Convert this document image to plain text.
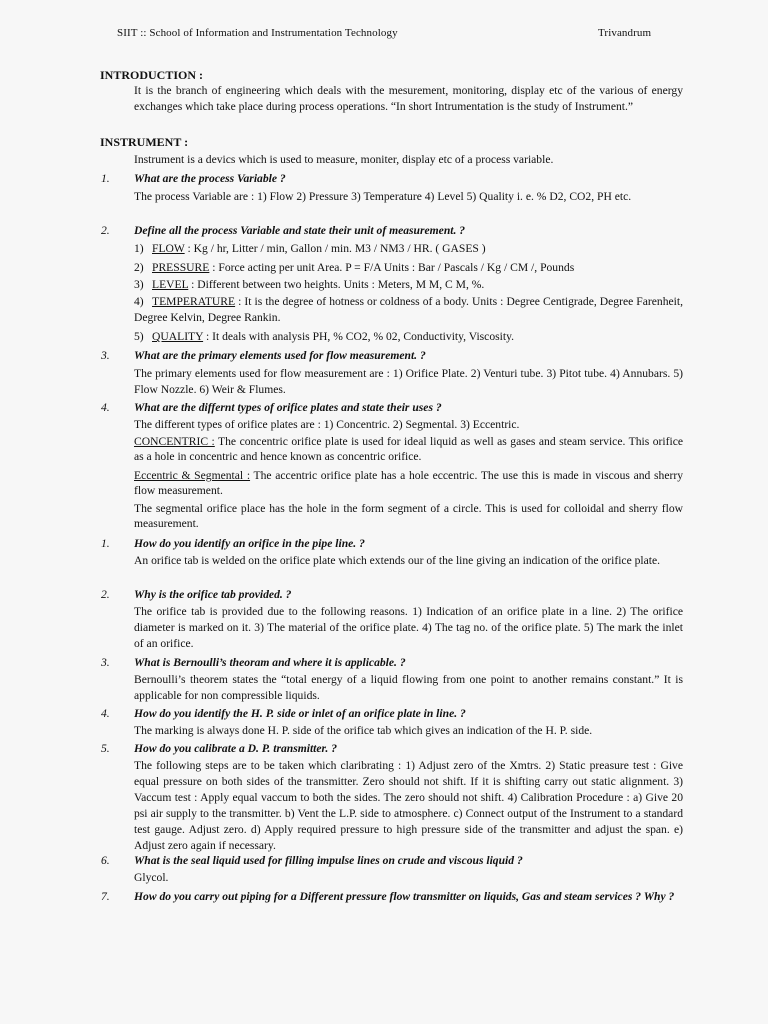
SIIT :: School of Information and Instrumentation Technology	Trivandrum
INTRODUCTION :

It is the branch of engineering which deals with the mesurement, monitoring, display etc of the various of energy exchanges which take place during process operations. “In short Intrumentation is the study of Instrument.”

INSTRUMENT :

Instrument is a devics which is used to measure, moniter, display etc of a process variable.

1. What are the process Variable ?

The process Variable are : 1) Flow 2) Pressure 3) Temperature 4) Level 5) Quality i. e. % D2, CO2, PH etc.

2. Define all the process Variable and state their unit of measurement. ?
1) FLOW : Kg / hr, Litter / min, Gallon / min. M3 / NM3 / HR. ( GASES )
2) PRESSURE : Force acting per unit Area. P = F/A Units : Bar / Pascals / Kg / CM /, Pounds
3) LEVEL : Different between two heights. Units : Meters, M M, C M, %.
4) TEMPERATURE : It is the degree of hotness or coldness of a body. Units : Degree Centigrade, Degree Farenheit, Degree Kelvin, Degree Rankin.
5) QUALITY : It deals with analysis PH, % CO2, % 02, Conductivity, Viscosity.
3. What are the primary elements used for flow measurement. ?

The primary elements used for flow measurement are : 1) Orifice Plate. 2) Venturi tube. 3) Pitot tube. 4) Annubars. 5) Flow Nozzle. 6) Weir & Flumes.

4. What are the differnt types of orifice plates and state their uses ?

The different types of orifice plates are : 1) Concentric. 2) Segmental. 3) Eccentric.

CONCENTRIC : The concentric orifice plate is used for ideal liquid as well as gases and steam service. This orifice as a hole in concentric and hence known as concentric orifice.

Eccentric & Segmental : The accentric orifice plate has a hole eccentric. The use this is made in viscous and sherry flow measurement.

The segmental orifice place has the hole in the form segment of a circle. This is used for colloidal and sherry flow measurement.

1. How do you identify an orifice in the pipe line. ?

An orifice tab is welded on the orifice plate which extends our of the line giving an indication of the orifice plate.

2. Why is the orifice tab provided. ?

The orifice tab is provided due to the following reasons. 1) Indication of an orifice plate in a line. 2) The orifice diameter is marked on it. 3) The material of the orifice plate. 4) The tag no. of the orifice plate. 5) The mark the inlet of an orifice.

3. What is Bernoulli’s theoram and where it is applicable. ?

Bernoulli’s theorem states the “total energy of a liquid flowing from one point to another remains constant.” It is applicable for non compressible liquids.

4. How do you identify the H. P. side or inlet of an orifice plate in line. ?

The marking is always done H. P. side of the orifice tab which gives an indication of the H. P. side.

5. How do you calibrate a D. P. transmitter. ?

The following steps are to be taken which claribrating : 1) Adjust zero of the Xmtrs. 2) Static preasure test : Give equal pressure on both sides of the transmitter. Zero should not shift. If it is shifting carry out static alignment. 3) Vaccum test : Apply equal vaccum to both the sides. The zero should not shift. 4) Calibration Procedure : a) Give 20 psi air supply to the transmitter. b) Vent the L.P. side to atmosphere. c) Connect output of the Instrument to a standard test gauge. Adjust zero. d) Apply required pressure to high pressure side of the transmitter and adjust the span. e) Adjust zero again if necessary.

6. What is the seal liquid used for filling impulse lines on crude and viscous liquid ?

Glycol.

7. How do you carry out piping for a Different pressure flow transmitter on liquids, Gas and steam services ? Why ?
